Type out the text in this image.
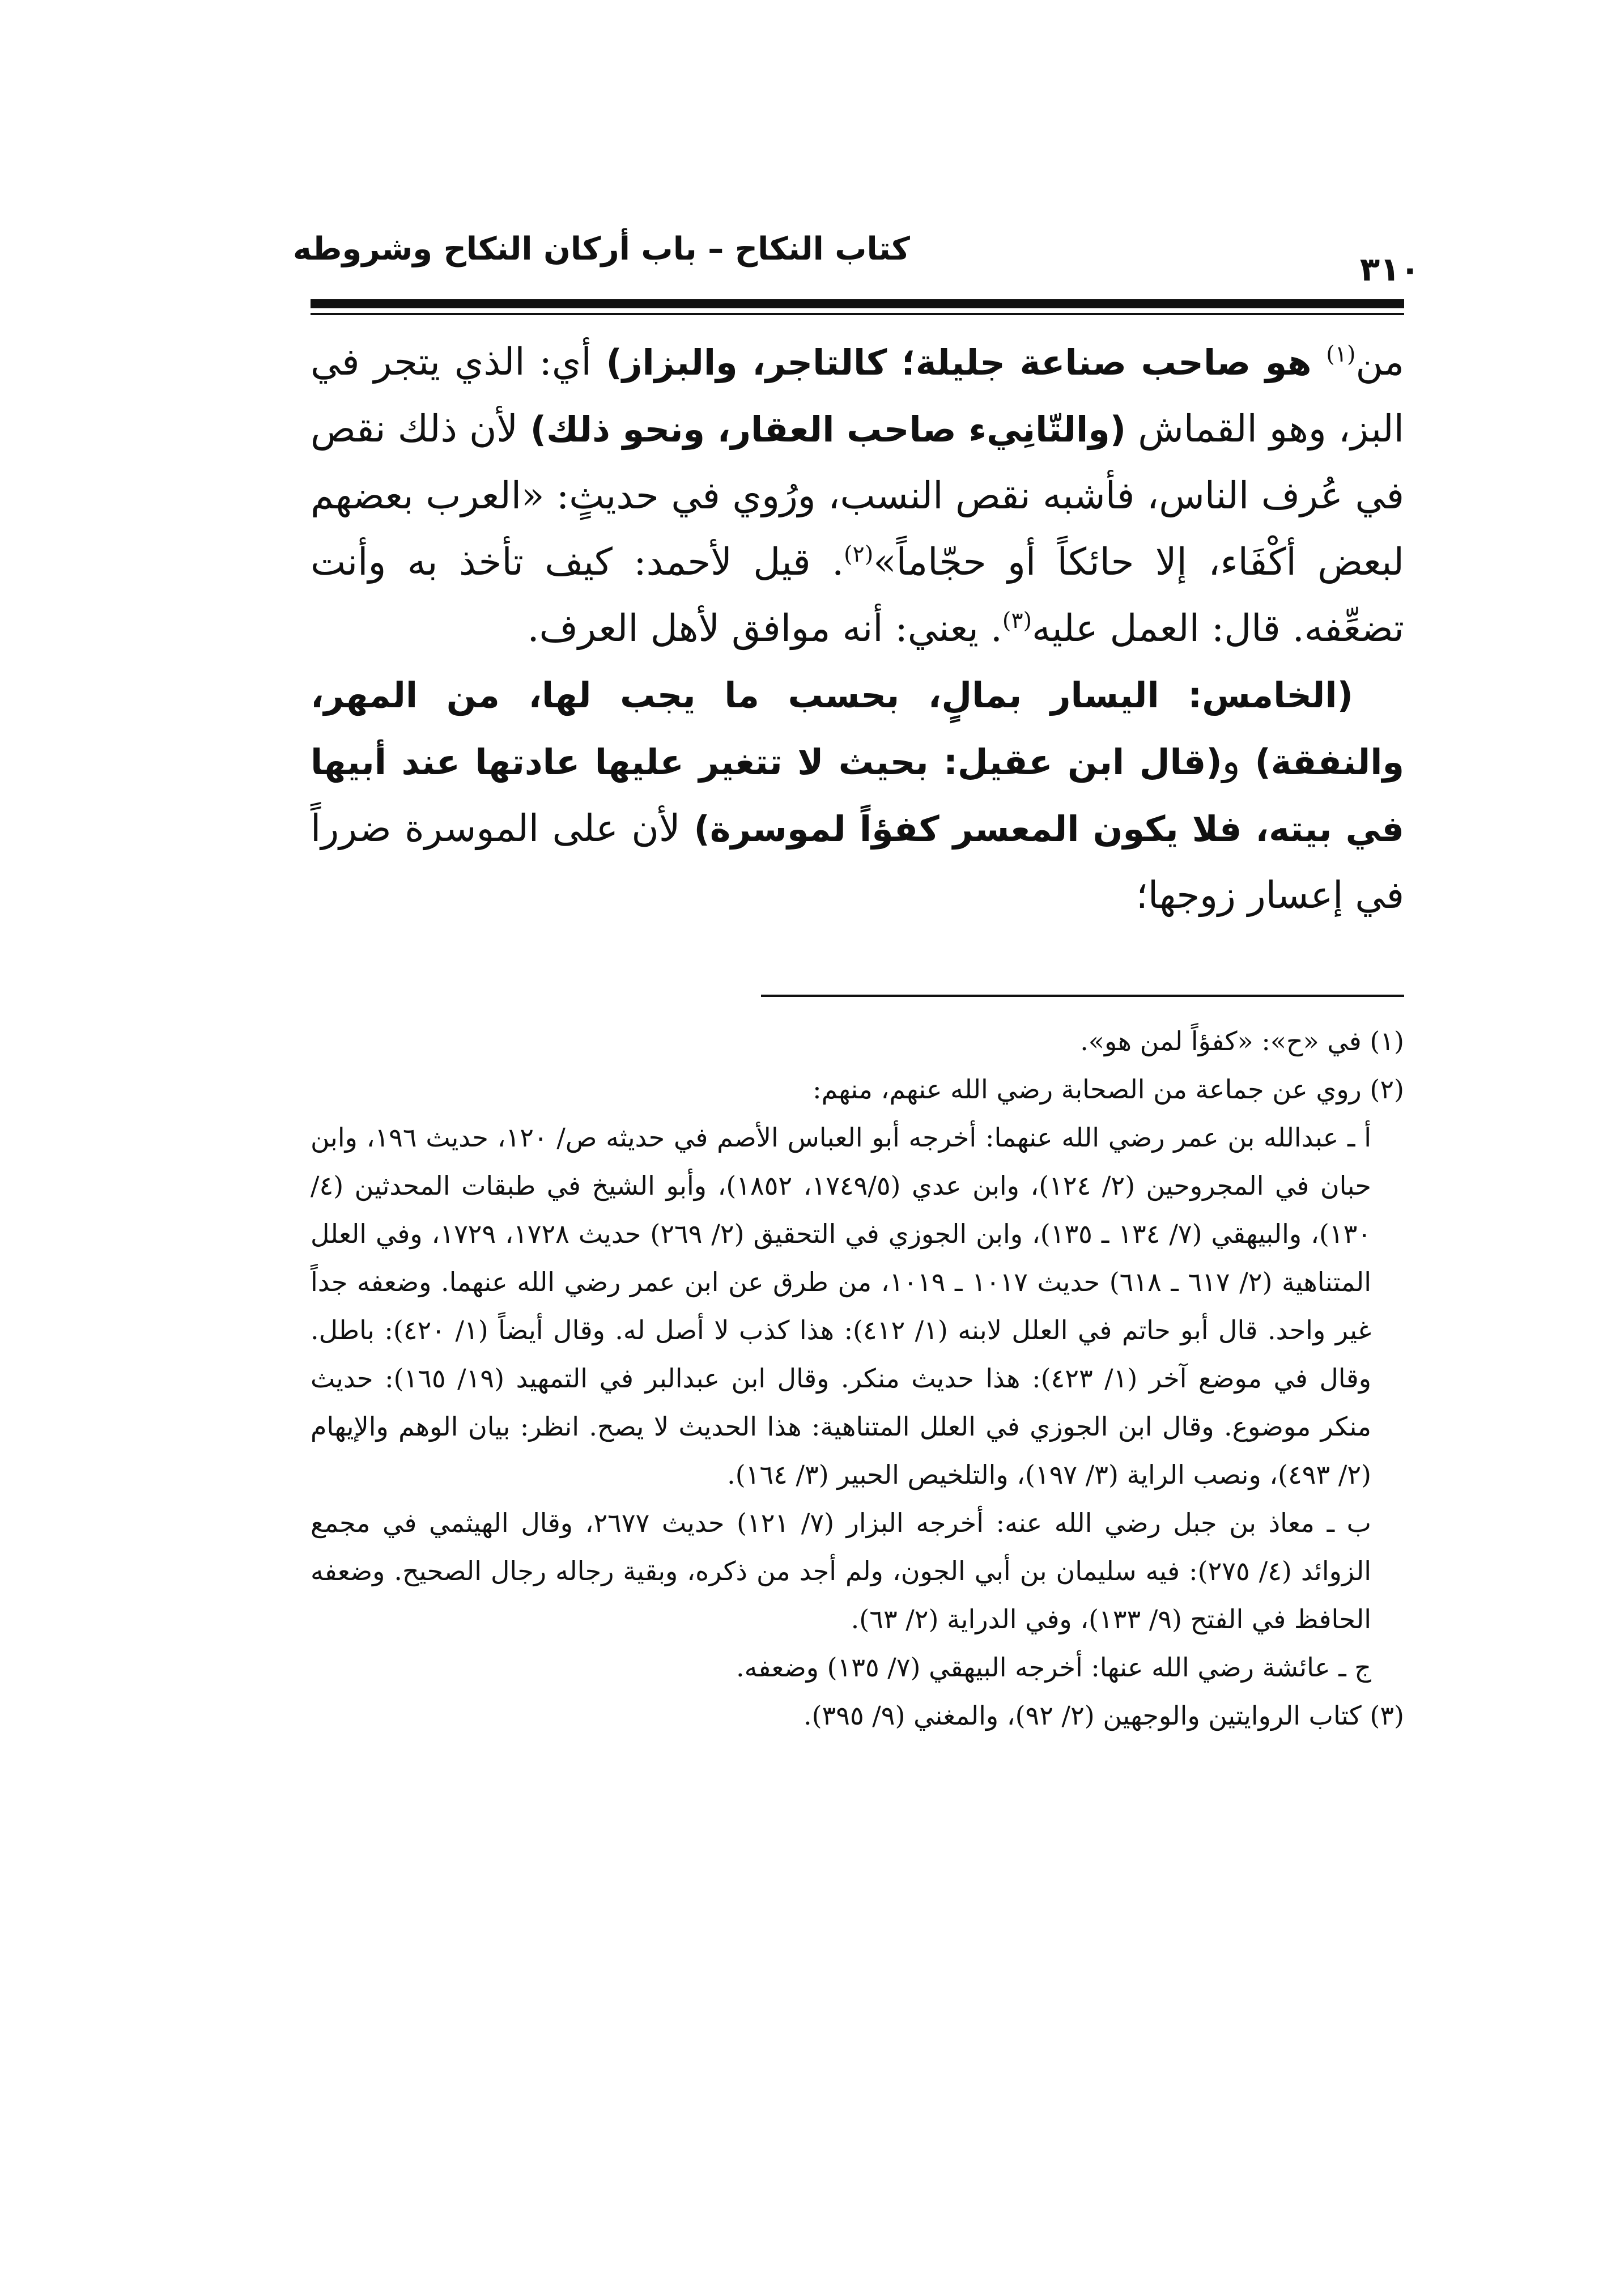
كتاب النكاح – باب أركان النكاح وشروطه
٣١٠

من$^{(١)}$ هو صاحب صناعة جليلة؛ كالتاجر، والبزاز) أي: الذي يتجر في البز، وهو القماش (والتّانِيء صاحب العقار، ونحو ذلك) لأن ذلك نقص في عُرف الناس، فأشبه نقص النسب، ورُوي في حديثٍ: «العرب بعضهم لبعض أكْفَاء، إلا حائكاً أو حجّاماً»$^{(٢)}$. قيل لأحمد: كيف تأخذ به وأنت تضعِّفه. قال: العمل عليه$^{(٣)}$. يعني: أنه موافق لأهل العرف.

(الخامس: اليسار بمالٍ، بحسب ما يجب لها، من المهر، والنفقة) و(قال ابن عقيل: بحيث لا تتغير عليها عادتها عند أبيها في بيته، فلا يكون المعسر كفؤاً لموسرة) لأن على الموسرة ضرراً في إعسار زوجها؛

(١) في «ح»: «كفؤاً لمن هو».

(٢) روي عن جماعة من الصحابة رضي الله عنهم، منهم:

أ ـ عبدالله بن عمر رضي الله عنهما: أخرجه أبو العباس الأصم في حديثه ص/ ١٢٠، حديث ١٩٦، وابن حبان في المجروحين (٢/ ١٢٤)، وابن عدي (١٧٤٩/٥، ١٨٥٢)، وأبو الشيخ في طبقات المحدثين (٤/ ١٣٠)، والبيهقي (٧/ ١٣٤ ـ ١٣٥)، وابن الجوزي في التحقيق (٢/ ٢٦٩) حديث ١٧٢٨، ١٧٢٩، وفي العلل المتناهية (٢/ ٦١٧ ـ ٦١٨) حديث ١٠١٧ ـ ١٠١٩، من طرق عن ابن عمر رضي الله عنهما. وضعفه جداً غير واحد. قال أبو حاتم في العلل لابنه (١/ ٤١٢): هذا كذب لا أصل له. وقال أيضاً (١/ ٤٢٠): باطل. وقال في موضع آخر (١/ ٤٢٣): هذا حديث منكر. وقال ابن عبدالبر في التمهيد (١٩/ ١٦٥): حديث منكر موضوع. وقال ابن الجوزي في العلل المتناهية: هذا الحديث لا يصح. انظر: بيان الوهم والإيهام (٢/ ٤٩٣)، ونصب الراية (٣/ ١٩٧)، والتلخيص الحبير (٣/ ١٦٤).

ب ـ معاذ بن جبل رضي الله عنه: أخرجه البزار (٧/ ١٢١) حديث ٢٦٧٧، وقال الهيثمي في مجمع الزوائد (٤/ ٢٧٥): فيه سليمان بن أبي الجون، ولم أجد من ذكره، وبقية رجاله رجال الصحيح. وضعفه الحافظ في الفتح (٩/ ١٣٣)، وفي الدراية (٢/ ٦٣).

ج ـ عائشة رضي الله عنها: أخرجه البيهقي (٧/ ١٣٥) وضعفه.

(٣) كتاب الروايتين والوجهين (٢/ ٩٢)، والمغني (٩/ ٣٩٥).
